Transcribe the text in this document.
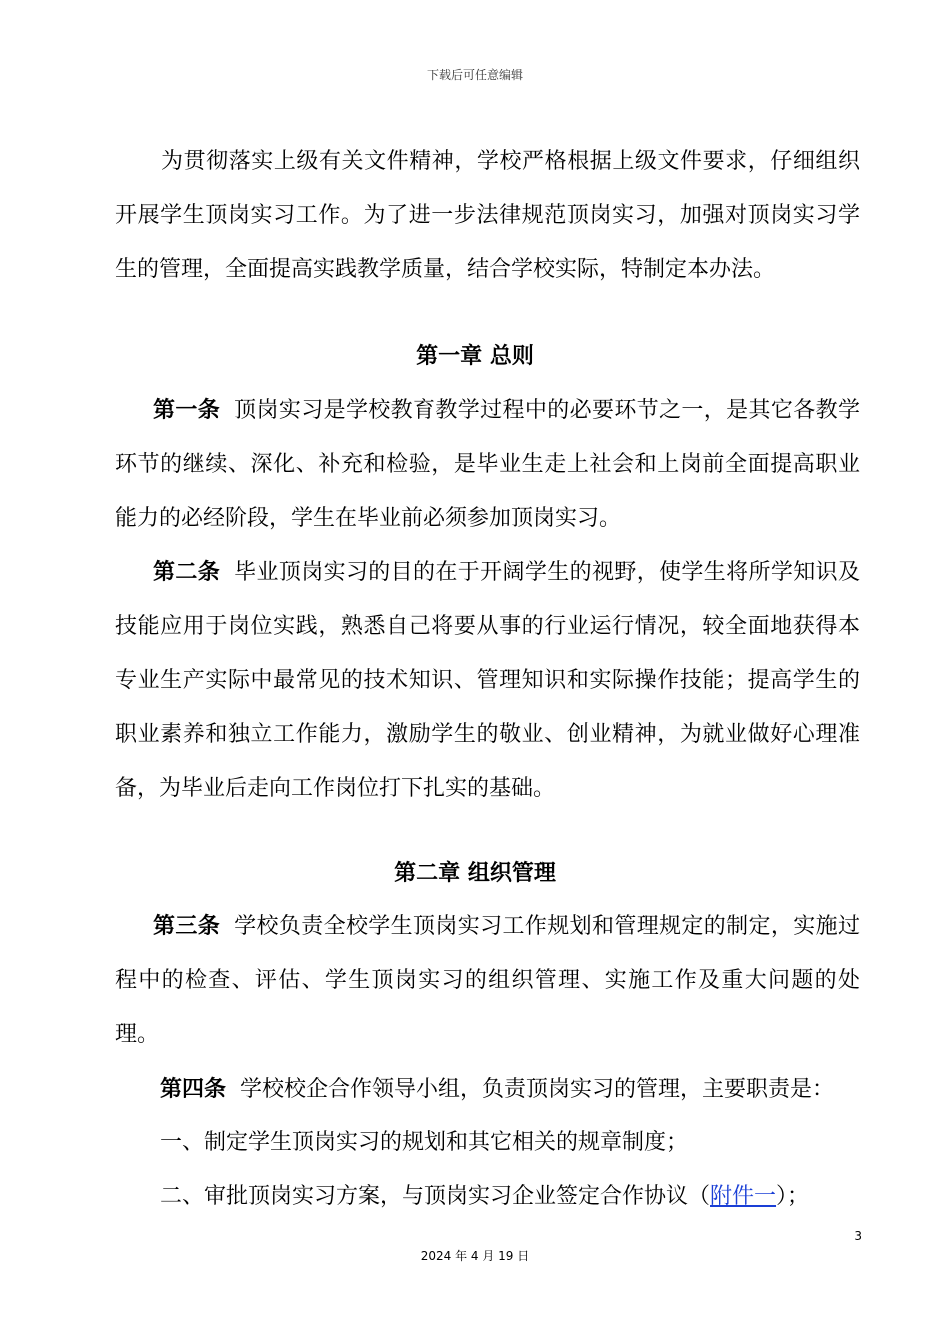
下载后可任意编辑

为贯彻落实上级有关文件精神，学校严格根据上级文件要求，仔细组织开展学生顶岗实习工作。为了进一步法律规范顶岗实习，加强对顶岗实习学生的管理，全面提高实践教学质量，结合学校实际，特制定本办法。

第一章 总则

第一条 顶岗实习是学校教育教学过程中的必要环节之一，是其它各教学环节的继续、深化、补充和检验，是毕业生走上社会和上岗前全面提高职业能力的必经阶段，学生在毕业前必须参加顶岗实习。

第二条 毕业顶岗实习的目的在于开阔学生的视野，使学生将所学知识及技能应用于岗位实践，熟悉自己将要从事的行业运行情况，较全面地获得本专业生产实际中最常见的技术知识、管理知识和实际操作技能；提高学生的职业素养和独立工作能力，激励学生的敬业、创业精神，为就业做好心理准备，为毕业后走向工作岗位打下扎实的基础。

第二章 组织管理

第三条 学校负责全校学生顶岗实习工作规划和管理规定的制定，实施过程中的检查、评估、学生顶岗实习的组织管理、实施工作及重大问题的处理。

第四条 学校校企合作领导小组，负责顶岗实习的管理，主要职责是：

一、制定学生顶岗实习的规划和其它相关的规章制度；

二、审批顶岗实习方案，与顶岗实习企业签定合作协议（附件一）；

3
2024 年 4 月 19 日
